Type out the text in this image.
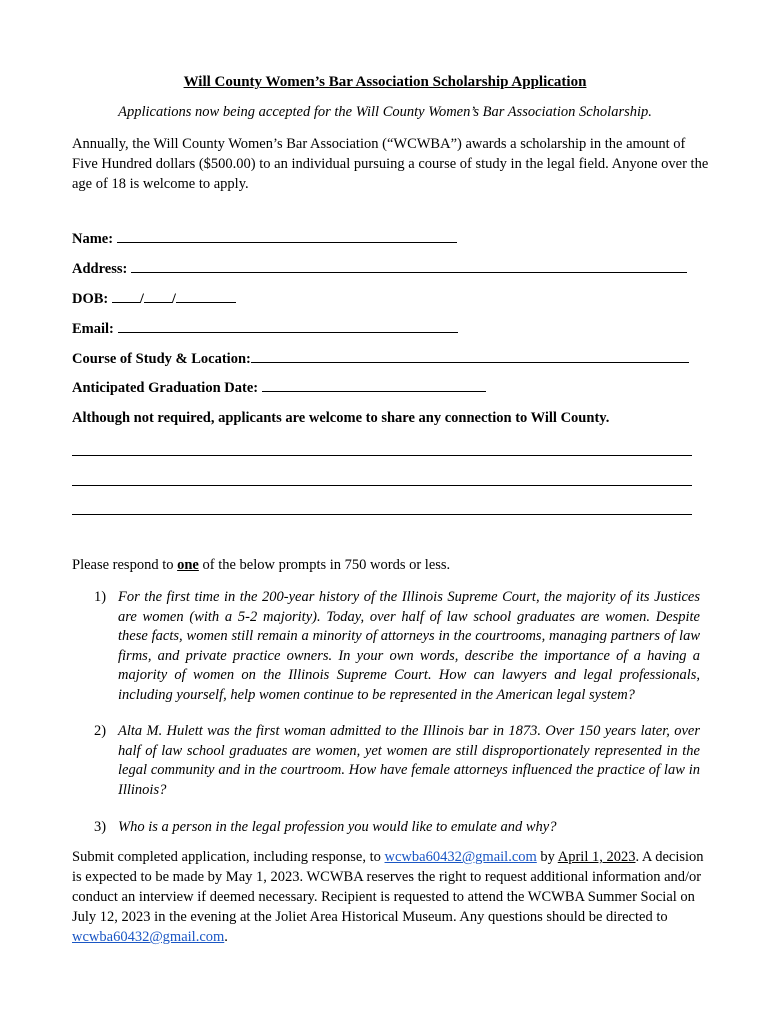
Will County Women’s Bar Association Scholarship Application
Applications now being accepted for the Will County Women’s Bar Association Scholarship.
Annually, the Will County Women’s Bar Association (“WCWBA”) awards a scholarship in the amount of Five Hundred dollars ($500.00) to an individual pursuing a course of study in the legal field. Anyone over the age of 18 is welcome to apply.
Name:
Address:
DOB: / /
Email:
Course of Study & Location:
Anticipated Graduation Date:
Although not required, applicants are welcome to share any connection to Will County.
Please respond to one of the below prompts in 750 words or less.
1) For the first time in the 200-year history of the Illinois Supreme Court, the majority of its Justices are women (with a 5-2 majority). Today, over half of law school graduates are women. Despite these facts, women still remain a minority of attorneys in the courtrooms, managing partners of law firms, and private practice owners. In your own words, describe the importance of a having a majority of women on the Illinois Supreme Court. How can lawyers and legal professionals, including yourself, help women continue to be represented in the American legal system?
2) Alta M. Hulett was the first woman admitted to the Illinois bar in 1873. Over 150 years later, over half of law school graduates are women, yet women are still disproportionately represented in the legal community and in the courtroom. How have female attorneys influenced the practice of law in Illinois?
3) Who is a person in the legal profession you would like to emulate and why?
Submit completed application, including response, to wcwba60432@gmail.com by April 1, 2023. A decision is expected to be made by May 1, 2023. WCWBA reserves the right to request additional information and/or conduct an interview if deemed necessary. Recipient is requested to attend the WCWBA Summer Social on July 12, 2023 in the evening at the Joliet Area Historical Museum. Any questions should be directed to wcwba60432@gmail.com.
